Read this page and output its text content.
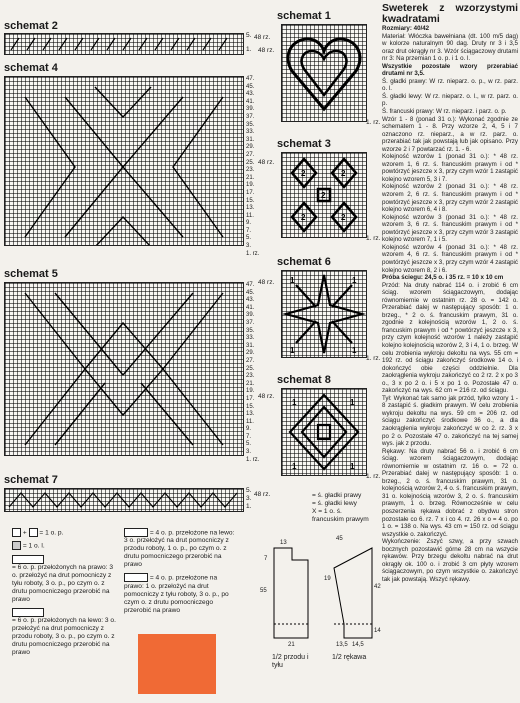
schemat 2
5.
1.
48 rz.
schemat 4
47.
45.
43.
41.
39.
37.
35.
33.
31.
29.
27.
25.
23.
21.
19.
17.
15.
13.
11.
9.
7.
5.
3.
1. rz.
schemat 5
47.
45.
43.
41.
39.
37.
35.
33.
31.
29.
27.
25.
23.
21.
19.
17.
15.
13.
11.
9.
7.
5.
3.
1. rz.
schemat 7
5.
3.
1.
48 rz.
+ = 1 o. p.
= 1 o. l.

= 6 o. p. przełożonych na prawo: 3 o. przełożyć na drut pomocniczy z tyłu roboty, 3 o. p., po czym o. z drutu pomocniczego przerobić na prawo

= 6 o. p. przełożonych na lewo: 3 o. przełożyć na drut pomocniczy z przodu roboty, 3 o. p., po czym o. z drutu pomocniczego przerobić na prawo
= 4 o. p. przełożone na lewo: 3 o. przełożyć na drut pomocniczy z przodu roboty, 1 o. p., po czym o. z drutu pomocniczego przerobić na prawo
= 4 o. p. przełożone na prawo: 1 o. przełożyć na drut pomocniczy z tyłu roboty, 3 o. p., po czym o. z drutu pomocniczego przerobić na prawo
schemat 1
48 rz.
1. rz.
schemat 3
2	2
2	2
2
48 rz.
1. rz.
schemat 6
1	1
1	1
48 rz.
1. rz.
schemat 8
1	1
1	1
48 rz.
1. rz.
= ś. gładki prawy
= ś. gładki lewy
X = 1 o. ś.
francuskim prawym
55
7
21
13
45
19
42
14
13,5 14,5
1/2 przodu i tyłu
1/2 rękawa
Sweterek z wzorzystymi kwadratami

Rozmiary: 40/42

Materiał: Włóczka bawełniana (dt. 100 m/5 dag) w kolorze naturalnym 90 dag. Druty nr 3 i 3,5 oraz drut okrągły nr 3. Wzór ściągaczowy drutami nr 3: Na przemian 1 o. p. i 1 o. l.

Wszystkie pozostałe wzory przerabiać drutami nr 3,5.

Ś. gładki prawy: W rz. nieparz. o. p., w rz. parz. o. l.

Ś. gładki lewy: W rz. nieparz. o. l., w rz. parz. o. p.

Ś. francuski prawy: W rz. nieparz. i parz. o. p.

Wzór 1 - 8 (ponad 31 o.): Wykonać zgodnie ze schematem 1 - 8. Przy wzorze 2, 4, 5 i 7 oznaczono rz. nieparz., a w rz. parz. o. przerabiać tak jak powstają lub jak opisano. Przy wzorze 2 i 7 powtarzać rz. 1. - 6.

Kolejność wzorów 1 (ponad 31 o.): * 48 rz. wzorem 1, 6 rz. ś. francuskim prawym i od * powtórzyć jeszcze x 3, przy czym wzór 1 zastąpić kolejno wzorem 5, 3 i 7.

Kolejność wzorów 2 (ponad 31 o.): * 48 rz. wzorem 2, 6 rz. ś. francuskim prawym i od * powtórzyć jeszcze x 3, przy czym wzór 2 zastąpić kolejno wzorem 6, 4 i 8.

Kolejność wzorów 3 (ponad 31 o.): * 48 rz. wzorem 3, 6 rz. ś. francuskim prawym i od * powtórzyć jeszcze x 3, przy czym wzór 3 zastąpić kolejno wzorem 7, 1 i 5.

Kolejność wzorów 4 (ponad 31 o.): * 48 rz. wzorem 4, 6 rz. ś. francuskim prawym i od * powtórzyć jeszcze x 3, przy czym wzór 4 zastąpić kolejno wzorem 8, 2 i 6.

Próba ściegu: 24,5 o. i 35 rz. = 10 x 10 cm

Przód: Na druty nabrać 114 o. i zrobić 6 cm ściąg. wzorem ściągaczowym, dodając równomiernie w ostatnim rz. 28 o. = 142 o. Przerabiać dalej w następujący sposób: 1 o. brzeg., * 2 o. ś. francuskim prawym, 31 o. zgodnie z kolejnością wzorów 1, 2 o. ś. francuskim prawym i od * powtórzyć jeszcze x 3, przy czym kolejność wzorów 1 należy zastąpić kolejno kolejnością wzorów 2, 3 i 4, 1 o. brzeg. W celu zrobienia wykroju dekoltu na wys. 55 cm = 192 rz. od ściągu zakończyć środkowe 14 o. i dokończyć obie części oddzielnie. Dla zaokrąglenia wykroju zakończyć co 2 rz. 2 x po 3 o., 3 x po 2 o. i 5 x po 1 o. Pozostałe 47 o. zakończyć na wys. 62 cm = 216 rz. od ściągu.

Tył: Wykonać tak samo jak przód, tylko wzory 1 - 8 zastąpić ś. gładkim prawym. W celu zrobienia wykroju dekoltu na wys. 59 cm = 206 rz. od ściągu zakończyć środkowe 36 o., a dla zaokrąglenia wykroju zakończyć w co 2. rz. 3 x po 2 o. Pozostałe 47 o. zakończyć na tej samej wys. jak z przodu.

Rękawy: Na druty nabrać 56 o. i zrobić 6 cm ściąg. wzorem ściągaczowym, dodając równomiernie w ostatnim rz. 16 o. = 72 o. Przerabiać dalej w następujący sposób: 1 o. brzeg., 2 o. ś. francuskim prawym, 31 o. kolejnością wzorów 2, 4 o. ś. francuskim prawym, 31 o. kolejnością wzorów 3, 2 o. ś. francuskim prawym, 1 o. brzeg. Równocześnie w celu poszerzenia rękawa dobrać z obydwu stron pozostałe co 6. rz. 7 x i co 4. rz. 26 x o = 4 o. po 1 o. = 138 o. Na wys. 43 cm = 150 rz. od ściągu wszystkie o. zakończyć.

Wykończenie: Zszyć szwy, a przy szwach bocznych pozostawić górne 28 cm na wszycie rękawów. Przy brzegu dekoltu nabrać na drut okrągły ok. 100 o. i zrobić 3 cm płyty wzorem ściągaczowym, po czym wszystkie o. zakończyć tak jak powstają. Wszyć rękawy.
